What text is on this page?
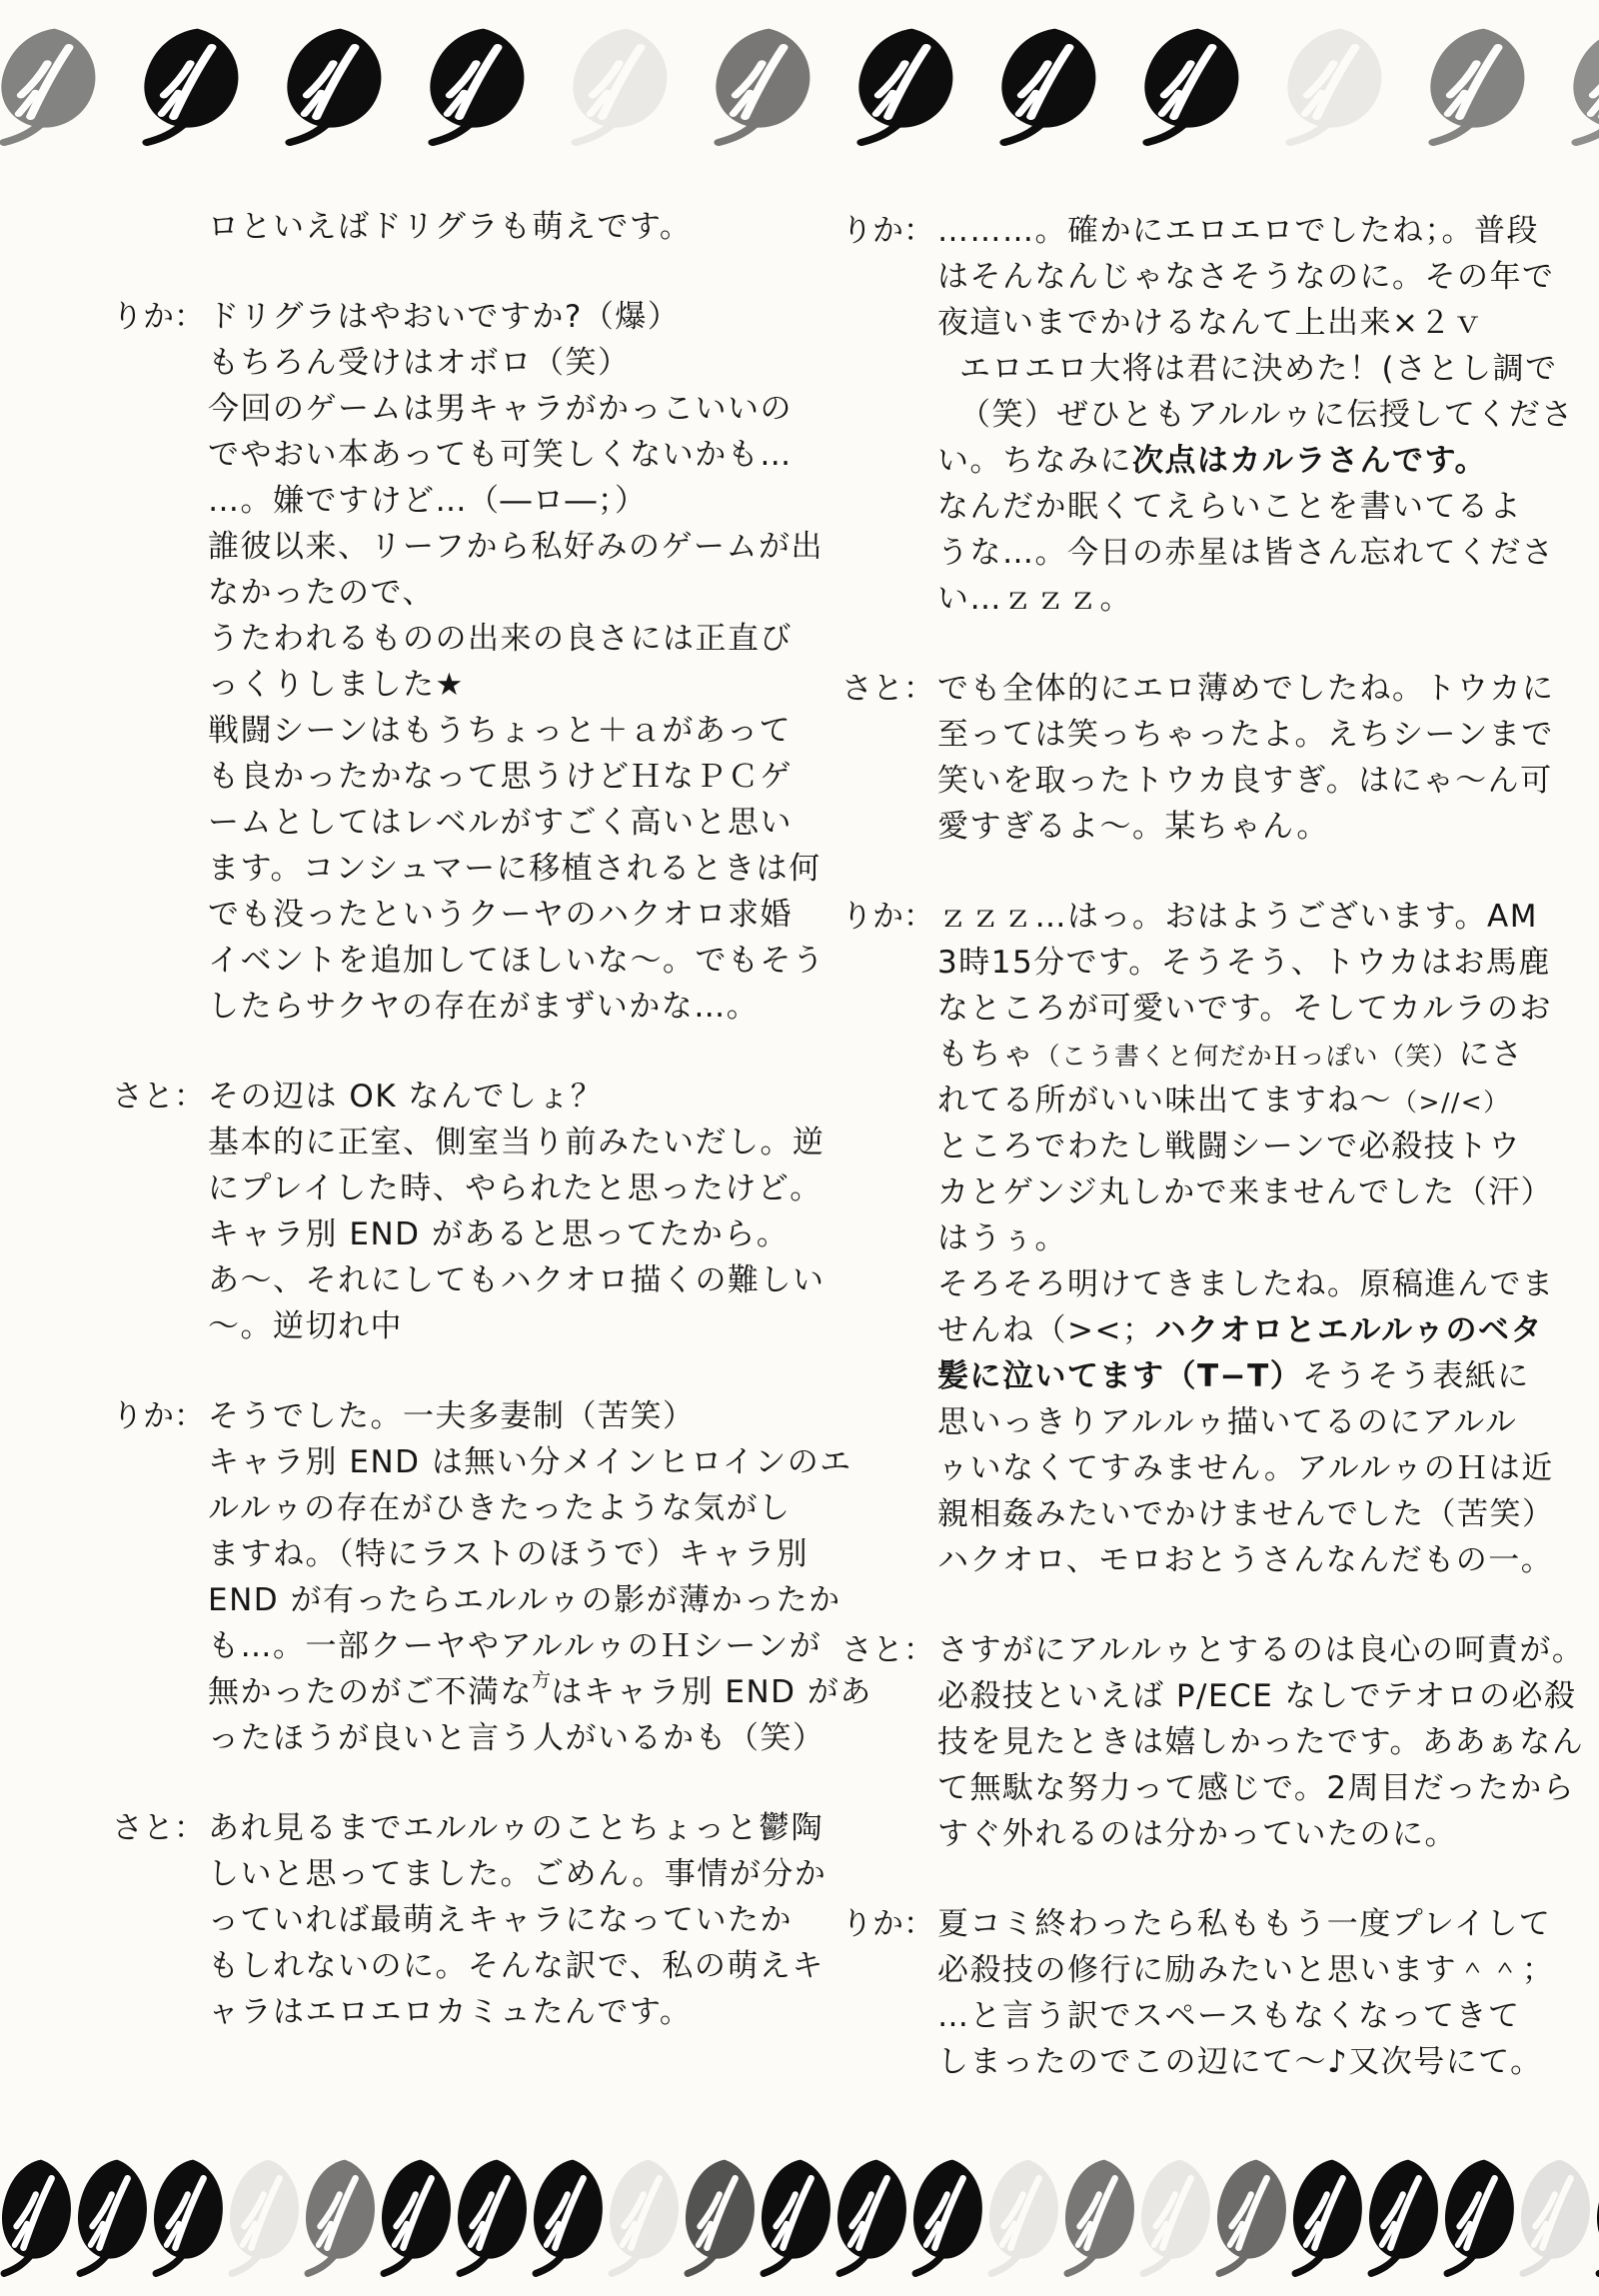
ロといえばドリグラも萌えです。
りか： ドリグラはやおいですか?（爆）
もちろん受けはオボロ（笑）
今回のゲームは男キャラがかっこいいの
でやおい本あっても可笑しくないかも…
…。嫌ですけど…（―ロ―；）
誰彼以来、リーフから私好みのゲームが出
なかったので、
うたわれるものの出来の良さには正直び
っくりしました★
戦闘シーンはもうちょっと＋ａがあって
も良かったかなって思うけどＨなＰＣゲ
ームとしてはレベルがすごく高いと思い
ます。コンシュマーに移植されるときは何
でも没ったというクーヤのハクオロ求婚
イベントを追加してほしいな〜。でもそう
したらサクヤの存在がまずいかな…。
さと： その辺は OK なんでしょ？
基本的に正室、側室当り前みたいだし。逆
にプレイした時、やられたと思ったけど。
キャラ別 END があると思ってたから。
あ〜、それにしてもハクオロ描くの難しい
〜。逆切れ中
りか： そうでした。一夫多妻制（苦笑）
キャラ別 END は無い分メインヒロインのエ
ルルゥの存在がひきたったような気がし
ますね。（特にラストのほうで）キャラ別
END が有ったらエルルゥの影が薄かったか
も…。一部クーヤやアルルゥのＨシーンが
無かったのがご不満な方はキャラ別 END があ
ったほうが良いと言う人がいるかも（笑）
さと： あれ見るまでエルルゥのことちょっと鬱陶
しいと思ってました。ごめん。事情が分か
っていれば最萌えキャラになっていたか
もしれないのに。そんな訳で、私の萌えキ
ャラはエロエロカミュたんです。
りか： ………。確かにエロエロでしたね；。普段
はそんなんじゃなさそうなのに。その年で
夜這いまでかけるなんて上出来×２ｖ
エロエロ大将は君に決めた！(さとし調で
（笑）ぜひともアルルゥに伝授してくださ
い。ちなみに次点はカルラさんです。
なんだか眠くてえらいことを書いてるよ
うな…。今日の赤星は皆さん忘れてくださ
い…ｚｚｚ。
さと： でも全体的にエロ薄めでしたね。トウカに
至っては笑っちゃったよ。えちシーンまで
笑いを取ったトウカ良すぎ。はにゃ〜ん可
愛すぎるよ〜。某ちゃん。
りか： ｚｚｚ…はっ。おはようございます。AM
3時15分です。そうそう、トウカはお馬鹿
なところが可愛いです。そしてカルラのお
もちゃ（こう書くと何だかＨっぽい（笑）にさ
れてる所がいい味出てますね〜（>//<）
ところでわたし戦闘シーンで必殺技トウ
カとゲンジ丸しかで来ませんでした（汗）
はうぅ。
そろそろ明けてきましたね。原稿進んでま
せんね（><；ハクオロとエルルゥのベタ
髪に泣いてます（T−T）そうそう表紙に
思いっきりアルルゥ描いてるのにアルル
ゥいなくてすみません。アルルゥのＨは近
親相姦みたいでかけませんでした（苦笑）
ハクオロ、モロおとうさんなんだもの一。
さと： さすがにアルルゥとするのは良心の呵責が。
必殺技といえば P/ECE なしでテオロの必殺
技を見たときは嬉しかったです。ああぁなん
て無駄な努力って感じで。2周目だったから
すぐ外れるのは分かっていたのに。
りか： 夏コミ終わったら私ももう一度プレイして
必殺技の修行に励みたいと思います＾＾；
…と言う訳でスペースもなくなってきて
しまったのでこの辺にて〜♪又次号にて。
